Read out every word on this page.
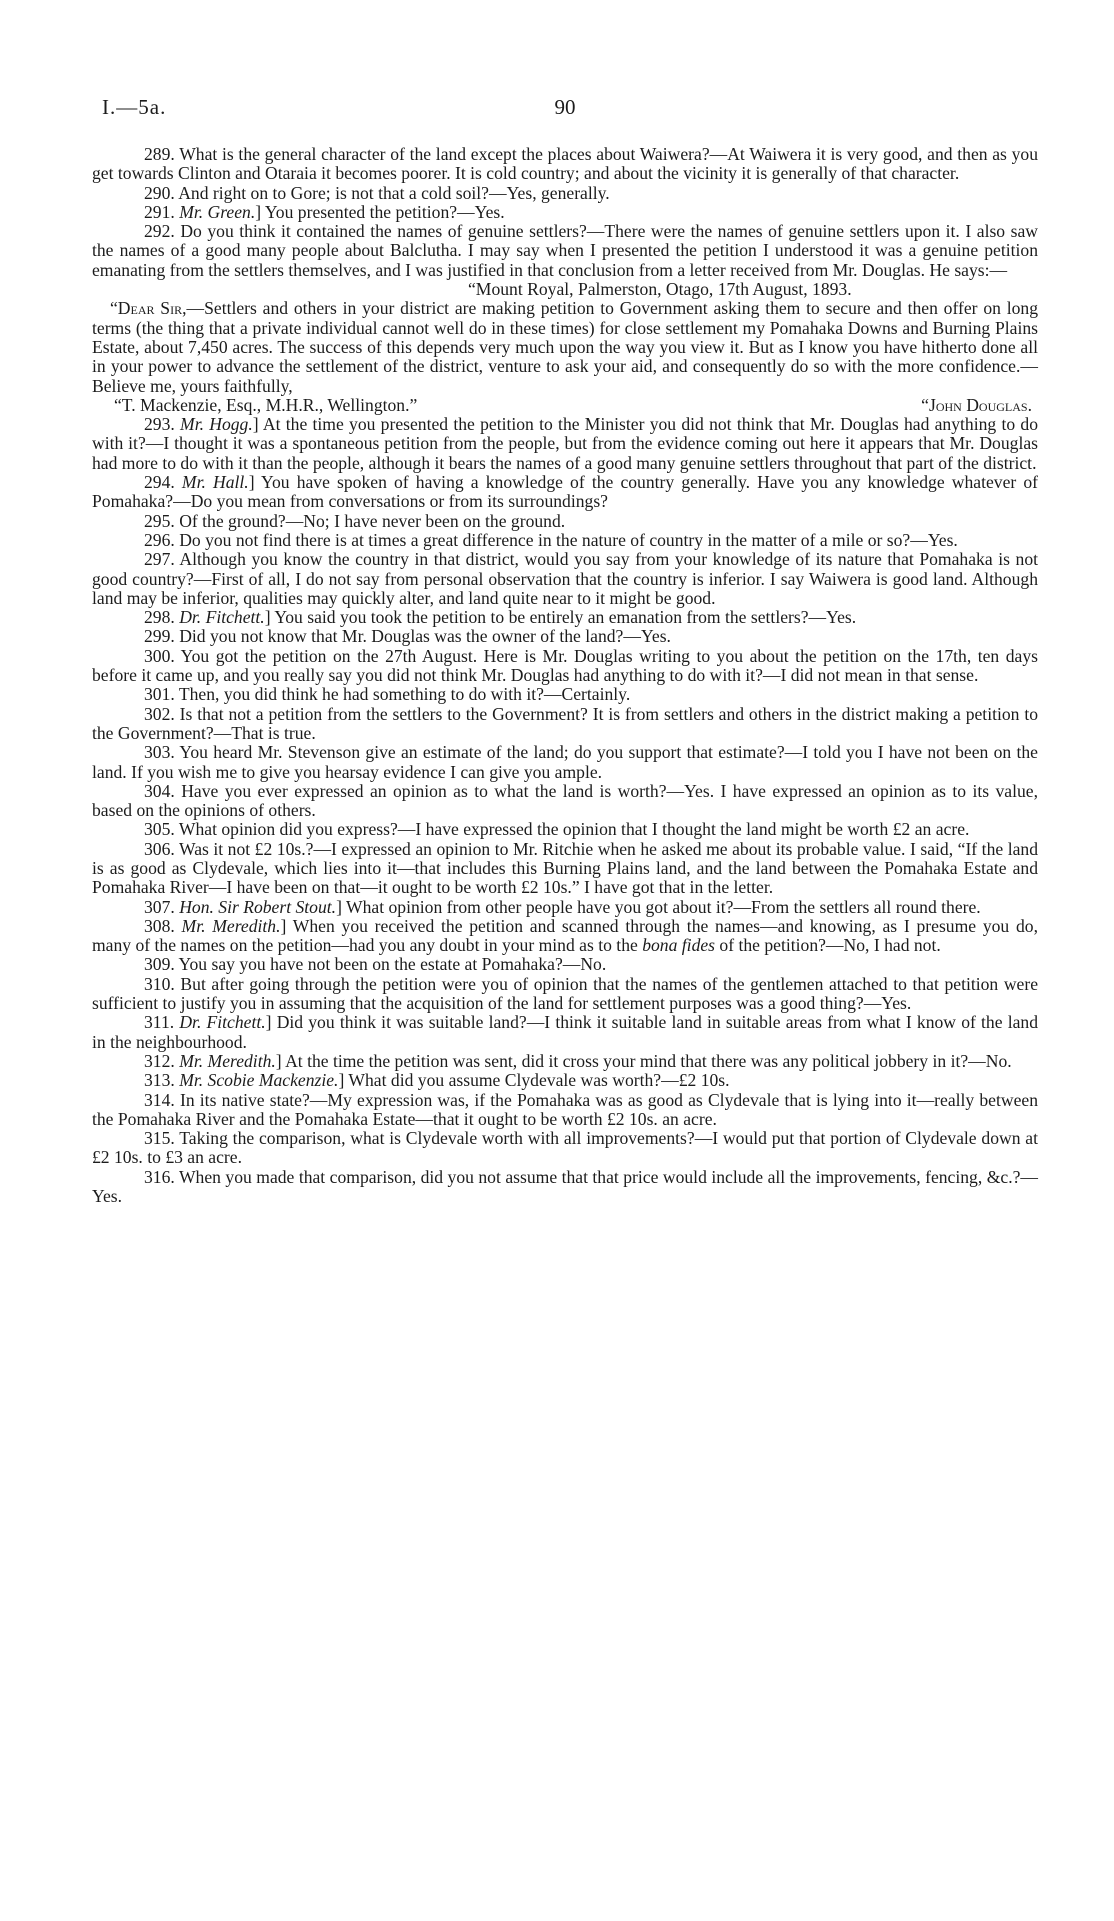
I.—5a.	90

289. What is the general character of the land except the places about Waiwera?—At Waiwera it is very good, and then as you get towards Clinton and Otaraia it becomes poorer. It is cold country; and about the vicinity it is generally of that character.

290. And right on to Gore; is not that a cold soil?—Yes, generally.

291. Mr. Green.] You presented the petition?—Yes.

292. Do you think it contained the names of genuine settlers?—There were the names of genuine settlers upon it. I also saw the names of a good many people about Balclutha. I may say when I presented the petition I understood it was a genuine petition emanating from the settlers themselves, and I was justified in that conclusion from a letter received from Mr. Douglas. He says:—

“Mount Royal, Palmerston, Otago, 17th August, 1893.

“Dear Sir,—Settlers and others in your district are making petition to Government asking them to secure and then offer on long terms (the thing that a private individual cannot well do in these times) for close settlement my Pomahaka Downs and Burning Plains Estate, about 7,450 acres. The success of this depends very much upon the way you view it. But as I know you have hitherto done all in your power to advance the settlement of the district, venture to ask your aid, and consequently do so with the more confidence.—Believe me, yours faithfully,

“T. Mackenzie, Esq., M.H.R., Wellington.”	“John Douglas.

293. Mr. Hogg.] At the time you presented the petition to the Minister you did not think that Mr. Douglas had anything to do with it?—I thought it was a spontaneous petition from the people, but from the evidence coming out here it appears that Mr. Douglas had more to do with it than the people, although it bears the names of a good many genuine settlers throughout that part of the district.

294. Mr. Hall.] You have spoken of having a knowledge of the country generally. Have you any knowledge whatever of Pomahaka?—Do you mean from conversations or from its surroundings?

295. Of the ground?—No; I have never been on the ground.

296. Do you not find there is at times a great difference in the nature of country in the matter of a mile or so?—Yes.

297. Although you know the country in that district, would you say from your knowledge of its nature that Pomahaka is not good country?—First of all, I do not say from personal observation that the country is inferior. I say Waiwera is good land. Although land may be inferior, qualities may quickly alter, and land quite near to it might be good.

298. Dr. Fitchett.] You said you took the petition to be entirely an emanation from the settlers?—Yes.

299. Did you not know that Mr. Douglas was the owner of the land?—Yes.

300. You got the petition on the 27th August. Here is Mr. Douglas writing to you about the petition on the 17th, ten days before it came up, and you really say you did not think Mr. Douglas had anything to do with it?—I did not mean in that sense.

301. Then, you did think he had something to do with it?—Certainly.

302. Is that not a petition from the settlers to the Government? It is from settlers and others in the district making a petition to the Government?—That is true.

303. You heard Mr. Stevenson give an estimate of the land; do you support that estimate?—I told you I have not been on the land. If you wish me to give you hearsay evidence I can give you ample.

304. Have you ever expressed an opinion as to what the land is worth?—Yes. I have expressed an opinion as to its value, based on the opinions of others.

305. What opinion did you express?—I have expressed the opinion that I thought the land might be worth £2 an acre.

306. Was it not £2 10s.?—I expressed an opinion to Mr. Ritchie when he asked me about its probable value. I said, “If the land is as good as Clydevale, which lies into it—that includes this Burning Plains land, and the land between the Pomahaka Estate and Pomahaka River—I have been on that—it ought to be worth £2 10s.” I have got that in the letter.

307. Hon. Sir Robert Stout.] What opinion from other people have you got about it?—From the settlers all round there.

308. Mr. Meredith.] When you received the petition and scanned through the names—and knowing, as I presume you do, many of the names on the petition—had you any doubt in your mind as to the bona fides of the petition?—No, I had not.

309. You say you have not been on the estate at Pomahaka?—No.

310. But after going through the petition were you of opinion that the names of the gentlemen attached to that petition were sufficient to justify you in assuming that the acquisition of the land for settlement purposes was a good thing?—Yes.

311. Dr. Fitchett.] Did you think it was suitable land?—I think it suitable land in suitable areas from what I know of the land in the neighbourhood.

312. Mr. Meredith.] At the time the petition was sent, did it cross your mind that there was any political jobbery in it?—No.

313. Mr. Scobie Mackenzie.] What did you assume Clydevale was worth?—£2 10s.

314. In its native state?—My expression was, if the Pomahaka was as good as Clydevale that is lying into it—really between the Pomahaka River and the Pomahaka Estate—that it ought to be worth £2 10s. an acre.

315. Taking the comparison, what is Clydevale worth with all improvements?—I would put that portion of Clydevale down at £2 10s. to £3 an acre.

316. When you made that comparison, did you not assume that that price would include all the improvements, fencing, &c.?—Yes.
